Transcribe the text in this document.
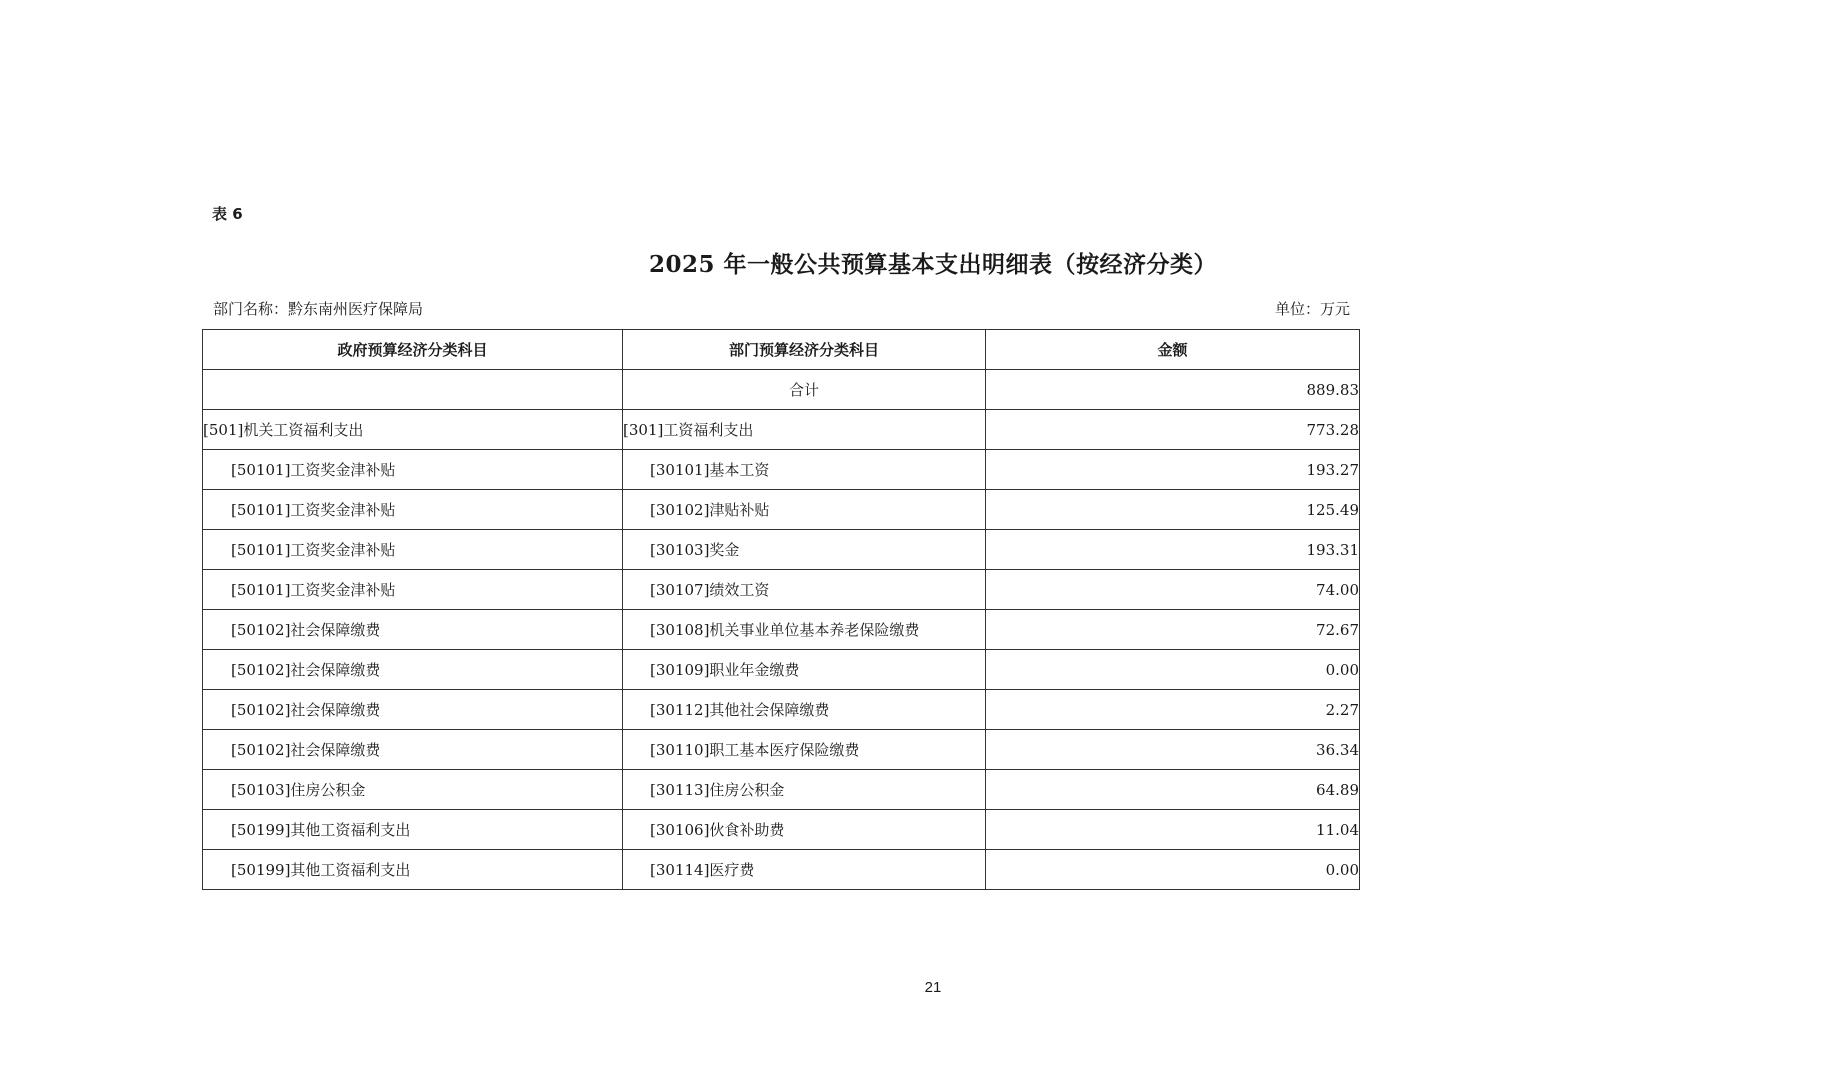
表 6
2025 年一般公共预算基本支出明细表（按经济分类）
部门名称：黔东南州医疗保障局	单位：万元
政府预算经济分类科目	部门预算经济分类科目	金额
	合计	889.83
[501]机关工资福利支出	[301]工资福利支出	773.28
[50101]工资奖金津补贴	[30101]基本工资	193.27
[50101]工资奖金津补贴	[30102]津贴补贴	125.49
[50101]工资奖金津补贴	[30103]奖金	193.31
[50101]工资奖金津补贴	[30107]绩效工资	74.00
[50102]社会保障缴费	[30108]机关事业单位基本养老保险缴费	72.67
[50102]社会保障缴费	[30109]职业年金缴费	0.00
[50102]社会保障缴费	[30112]其他社会保障缴费	2.27
[50102]社会保障缴费	[30110]职工基本医疗保险缴费	36.34
[50103]住房公积金	[30113]住房公积金	64.89
[50199]其他工资福利支出	[30106]伙食补助费	11.04
[50199]其他工资福利支出	[30114]医疗费	0.00
21
